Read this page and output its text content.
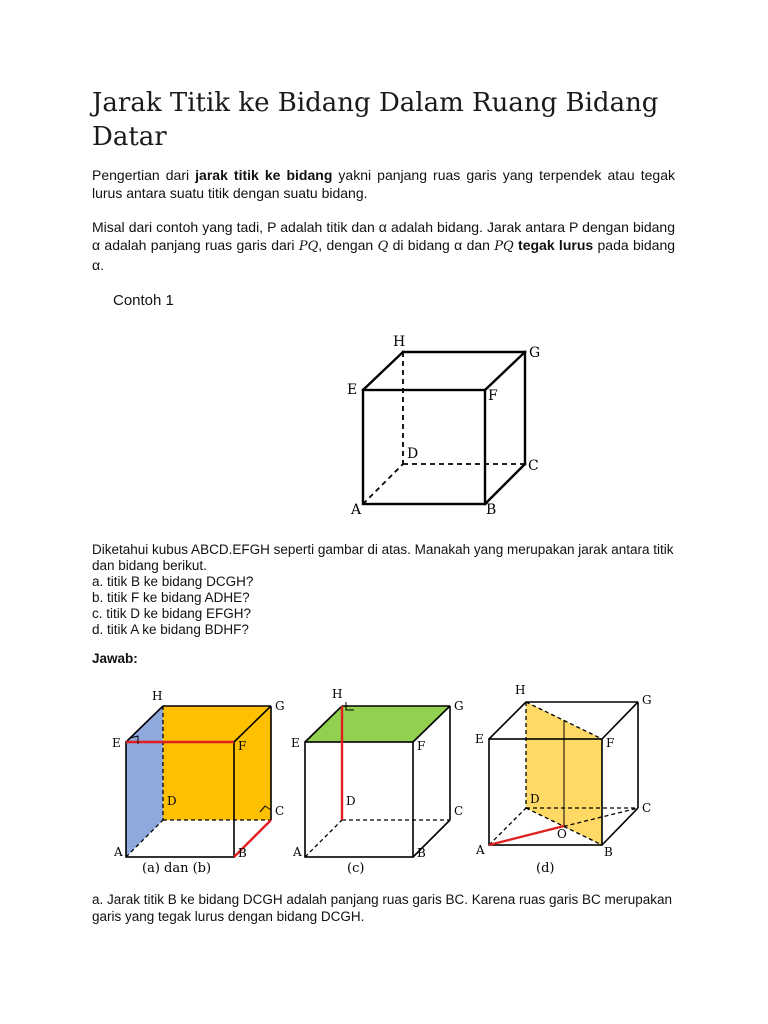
Jarak Titik ke Bidang Dalam Ruang Bidang Datar

Pengertian dari jarak titik ke bidang yakni panjang ruas garis yang terpendek atau tegak lurus antara suatu titik dengan suatu bidang.

Misal dari contoh yang tadi, P adalah titik dan α adalah bidang. Jarak antara P dengan bidang α adalah panjang ruas garis dari PQ, dengan Q di bidang α dan PQ tegak lurus pada bidang α.

Contoh 1

H
G
E	F
D
C
A	B
Diketahui kubus ABCD.EFGH seperti gambar di atas. Manakah yang merupakan jarak antara titik dan bidang berikut.
a. titik B ke bidang DCGH?
b. titik F ke bidang ADHE?
c. titik D ke bidang EFGH?
d. titik A ke bidang BDHF?

Jawab:

H
G
E	F
D
C
A	B
(a) dan (b)
H
G
E	F
D
C
A	B
(c)
H
G
E	F
D
C
A	B
O
(d)

a. Jarak titik B ke bidang DCGH adalah panjang ruas garis BC. Karena ruas garis BC merupakan garis yang tegak lurus dengan bidang DCGH.
